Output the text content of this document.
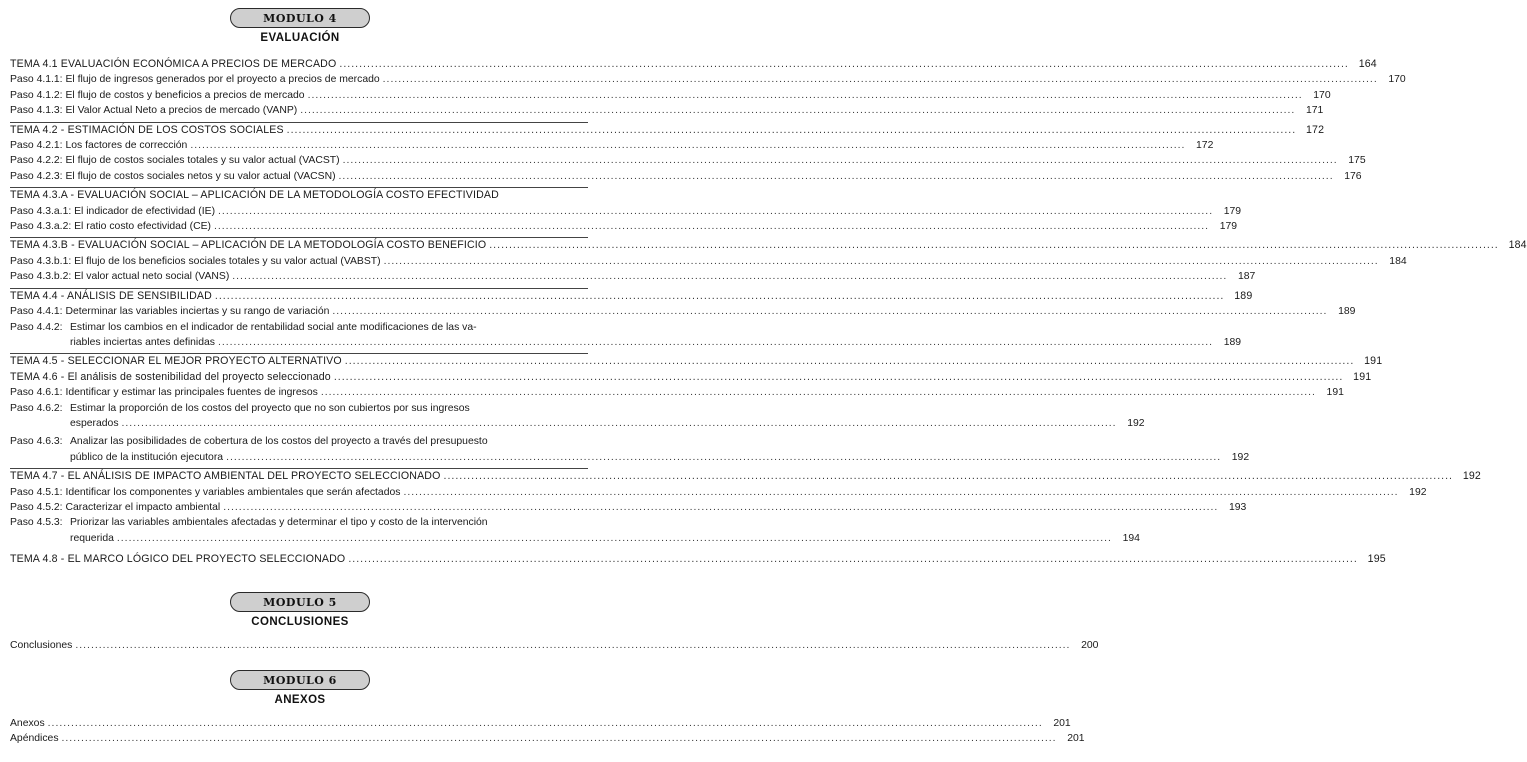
MODULO 4
EVALUACIÓN
TEMA 4.1 EVALUACIÓN ECONÓMICA A PRECIOS DE MERCADO .....	164
Paso 4.1.1: El flujo de ingresos generados por el proyecto a precios de mercado .....	170
Paso 4.1.2: El flujo de costos y beneficios a precios de mercado .....	170
Paso 4.1.3: El Valor Actual Neto a precios de mercado (VANP) .....	171
TEMA 4.2 - ESTIMACIÓN DE LOS COSTOS SOCIALES .....	172
Paso 4.2.1: Los factores de corrección .....	172
Paso 4.2.2: El flujo de costos sociales totales y su valor actual (VACST) .....	175
Paso 4.2.3: El flujo de costos sociales netos y su valor actual (VACSN) .....	176
TEMA 4.3.A - EVALUACIÓN SOCIAL – APLICACIÓN DE LA METODOLOGÍA COSTO EFECTIVIDAD
Paso 4.3.a.1: El indicador de efectividad (IE) .....	179
Paso 4.3.a.2: El ratio costo efectividad (CE) .....	179
TEMA 4.3.B - EVALUACIÓN SOCIAL – APLICACIÓN DE LA METODOLOGÍA COSTO BENEFICIO .....	184
Paso 4.3.b.1: El flujo de los beneficios sociales totales y su valor actual (VABST) .....	184
Paso 4.3.b.2: El valor actual neto social (VANS) .....	187
TEMA 4.4 - ANÁLISIS DE SENSIBILIDAD .....	189
Paso 4.4.1: Determinar las variables inciertas y su rango de variación .....	189
Paso 4.4.2: Estimar los cambios en el indicador de rentabilidad social ante modificaciones de las va-
riables inciertas antes definidas .....	189
TEMA 4.5 - SELECCIONAR EL MEJOR PROYECTO ALTERNATIVO .....	191
TEMA 4.6 - El análisis de sostenibilidad del proyecto seleccionado .....	191
Paso 4.6.1: Identificar y estimar las principales fuentes de ingresos .....	191
Paso 4.6.2: Estimar la proporción de los costos del proyecto que no son cubiertos por sus ingresos
esperados .....	192
Paso 4.6.3: Analizar las posibilidades de cobertura de los costos del proyecto a través del presupuesto
público de la institución ejecutora .....	192
TEMA 4.7 - EL ANÁLISIS DE IMPACTO AMBIENTAL DEL PROYECTO SELECCIONADO .....	192
Paso 4.5.1: Identificar los componentes y variables ambientales que serán afectados .....	192
Paso 4.5.2: Caracterizar el impacto ambiental .....	193
Paso 4.5.3: Priorizar las variables ambientales afectadas y determinar el tipo y costo de la intervención
requerida .....	194
TEMA 4.8 - EL MARCO LÓGICO DEL PROYECTO SELECCIONADO .....	195
MODULO 5
CONCLUSIONES
Conclusiones .....	200
MODULO 6
ANEXOS
Anexos .....	201
Apéndices .....	201
